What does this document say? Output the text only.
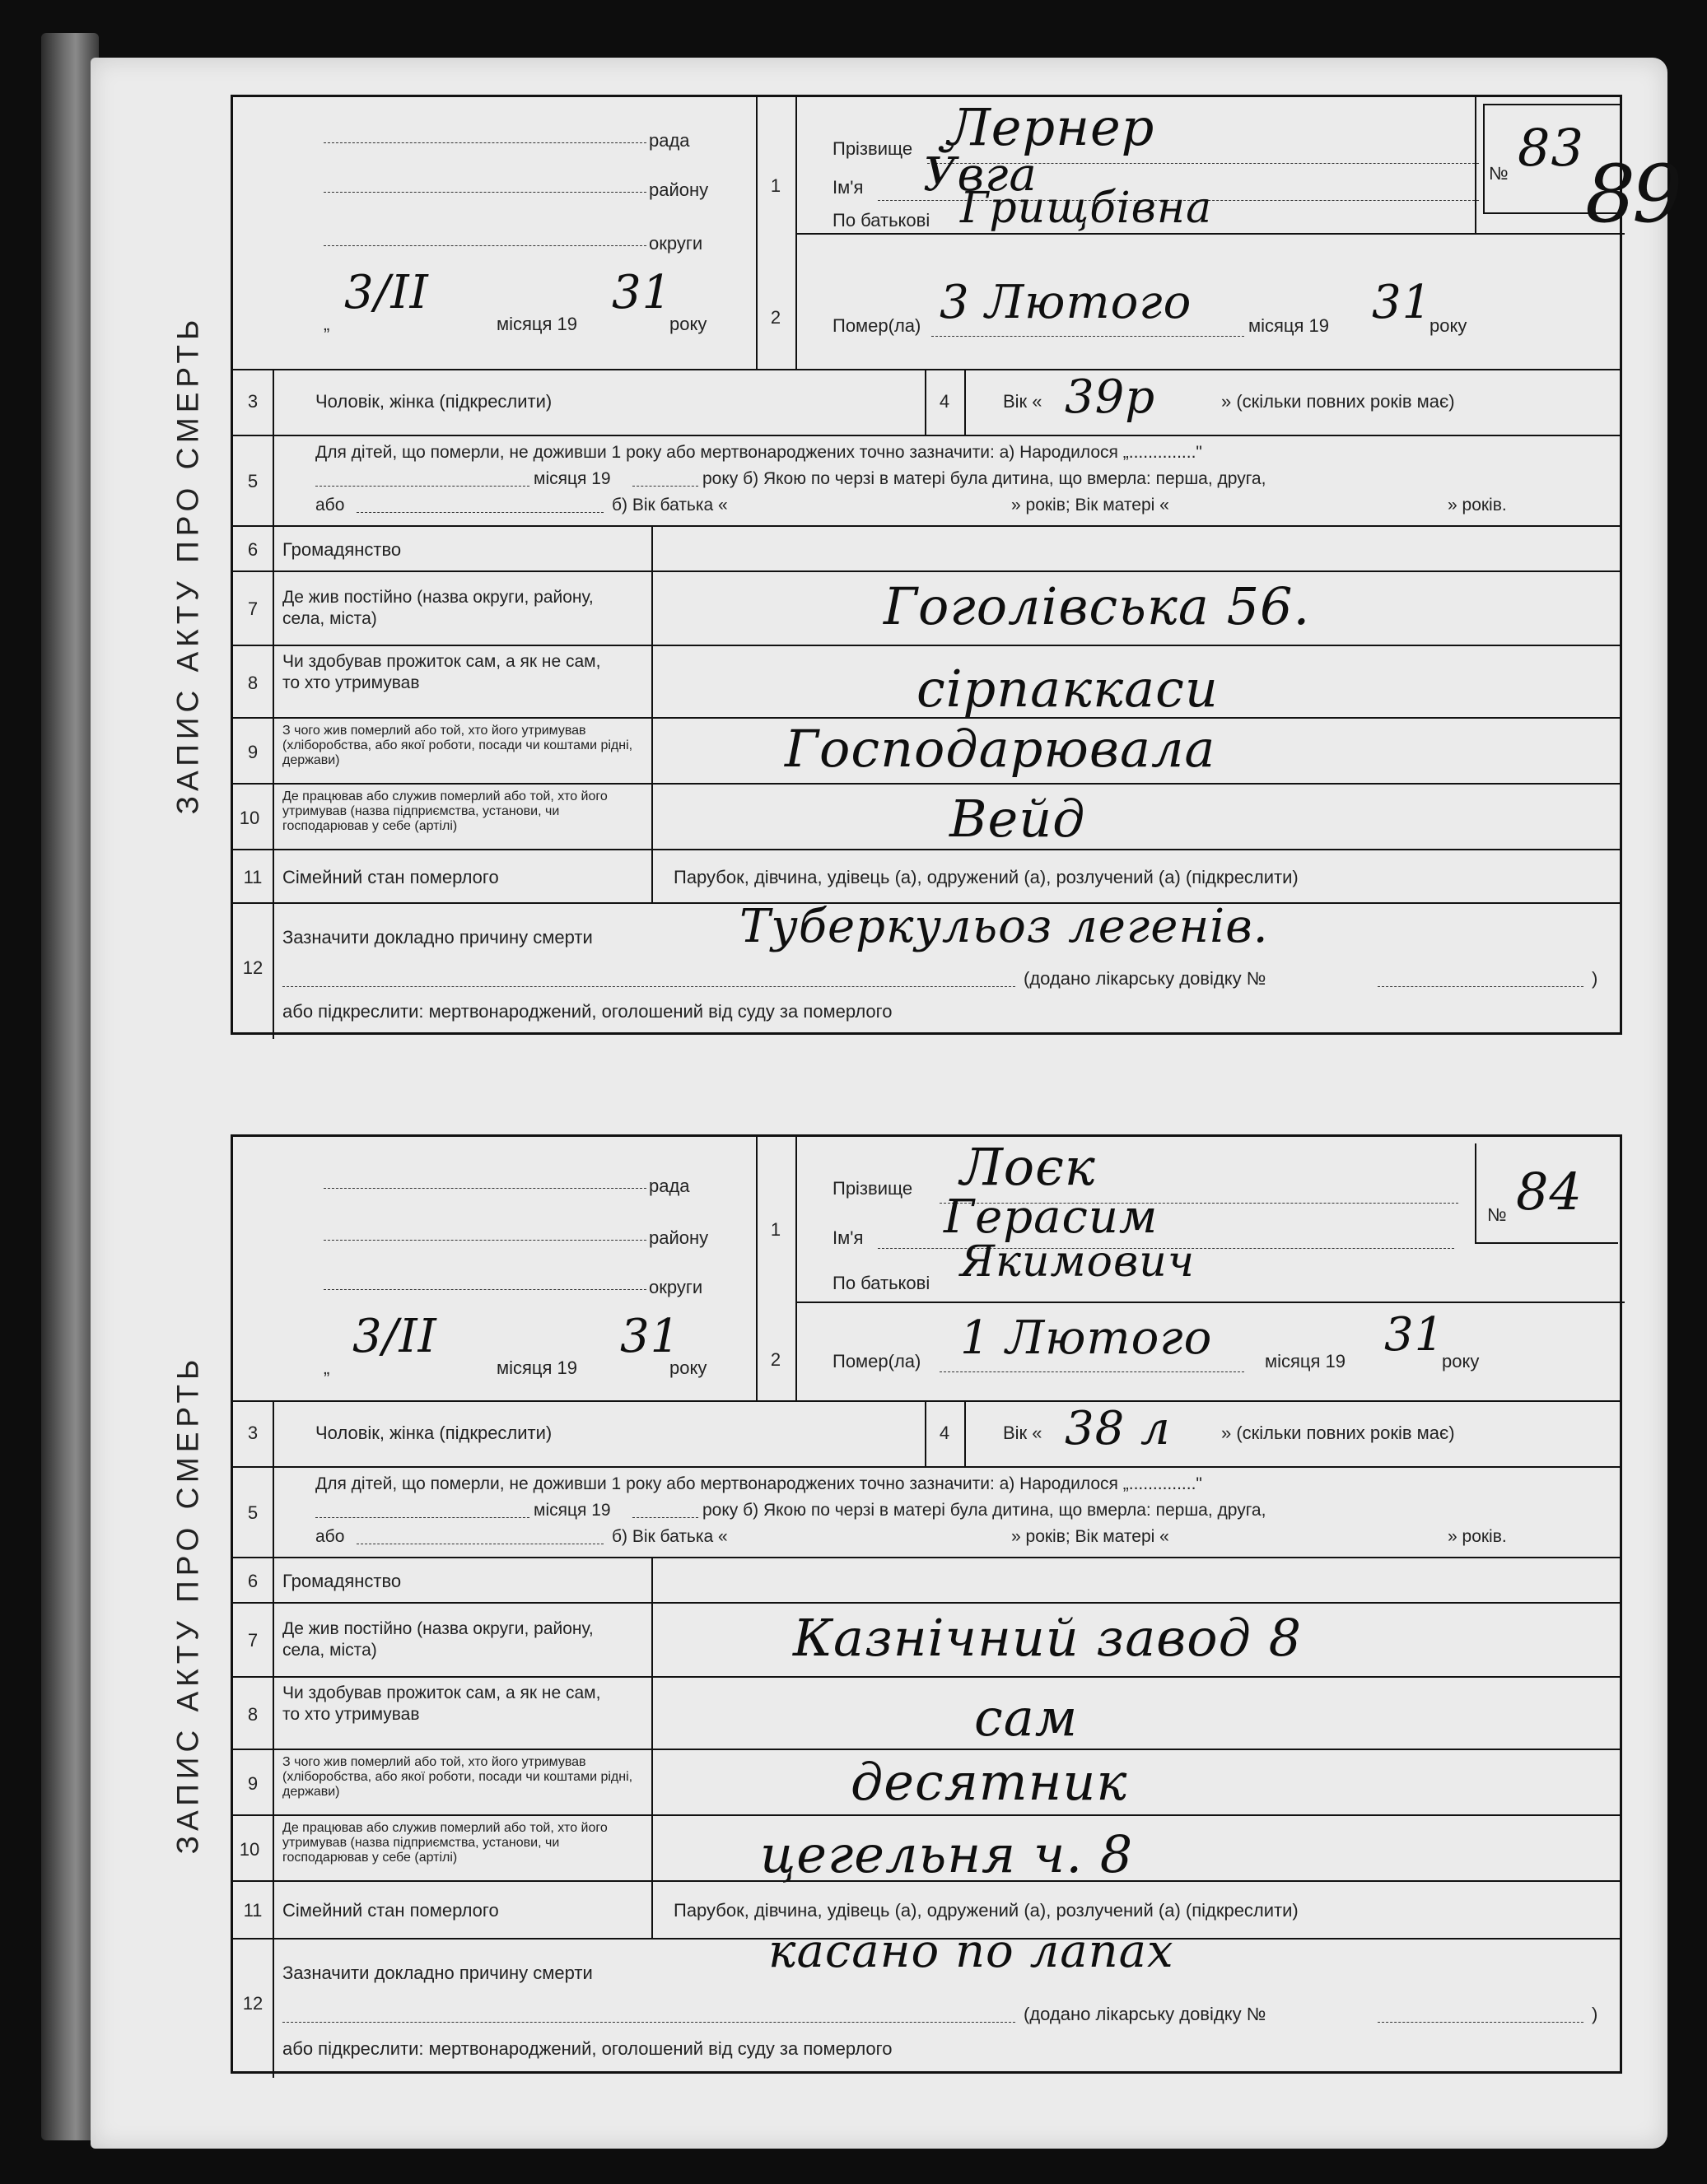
89
ЗАПИС АКТУ ПРО СМЕРТЬ
рада
району
округи
„
3/ІІ
місяця 19
31
року
1
Прізвище Лернер
Ім'я Ўвга
По батькові Грищбівна
№ 83
2	Помер(ла) 3 Лютого	місяця 19 31
року
3	Чоловік, жінка (підкреслити)	4	Вік « 39р	» (скільки повних років має)
5
Для дітей, що померли, не доживши 1 року або мертвонароджених точно зазначити: а) Народилося „.............."
місяця 19	року б) Якою по черзі в матері була дитина, що вмерла: перша, друга,
або	б) Вік батька «	» років; Вік матері «	» років.
6	Громадянство
7
Де жив постійно (назва округи, району, села, міста)	Гоголівська 56.
8
Чи здобував прожиток сам, а як не сам, то хто утримував	сірпаккаси
9
З чого жив померлий або той, хто його утримував (хліборобства, або якої роботи, посади чи коштами рідні, держави)	Господарювала
10
Де працював або служив померлий або той, хто його утримував (назва підприємства, установи, чи господарював у себе (артілі)	Вейд
11	Сімейний стан померлого	Парубок, дівчина, удівець (а), одружений (а), розлучений (а) (підкреслити)
12
Зазначити докладно причину смерти	Туберкульоз легенів.
(додано лікарську довідку №	)
або підкреслити: мертвонароджений, оголошений від суду за померлого
ЗАПИС АКТУ ПРО СМЕРТЬ
рада
району
округи
„
3/ІІ
місяця 19
31
року
1
Прізвище Лоєк
Ім'я Герасим
По батькові Якимович
№ 84
2	Помер(ла) 1 Лютого	місяця 19 31
року
3	Чоловік, жінка (підкреслити)	4	Вік « 38 л	» (скільки повних років має)
5
Для дітей, що померли, не доживши 1 року або мертвонароджених точно зазначити: а) Народилося „.............."
місяця 19	року б) Якою по черзі в матері була дитина, що вмерла: перша, друга,
або	б) Вік батька «	» років; Вік матері «	» років.
6	Громадянство
7
Де жив постійно (назва округи, району, села, міста)	Казнічний завод 8
8
Чи здобував прожиток сам, а як не сам, то хто утримував	сам
9
З чого жив померлий або той, хто його утримував (хліборобства, або якої роботи, посади чи коштами рідні, держави)	десятник
10
Де працював або служив померлий або той, хто його утримував (назва підприємства, установи, чи господарював у себе (артілі)	цегельня ч. 8
11	Сімейний стан померлого	Парубок, дівчина, удівець (а), одружений (а), розлучений (а) (підкреслити)
12
Зазначити докладно причину смерти	касано по лапах
(додано лікарську довідку №	)
або підкреслити: мертвонароджений, оголошений від суду за померлого
